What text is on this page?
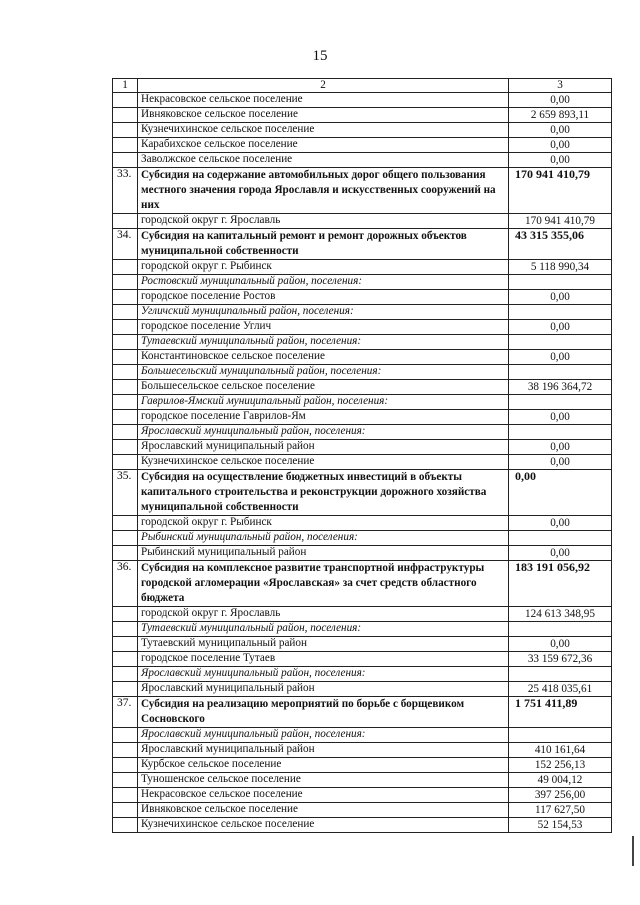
15
1	2	3
	Некрасовское сельское поселение	0,00
	Ивняковское сельское поселение	2 659 893,11
	Кузнечихинское сельское поселение	0,00
	Карабихское сельское поселение	0,00
	Заволжское сельское поселение	0,00
33.	Субсидия на содержание автомобильных дорог общего пользования местного значения города Ярославля и искусственных сооружений на них	170 941 410,79
	городской округ г. Ярославль	170 941 410,79
34.	Субсидия на капитальный ремонт и ремонт дорожных объектов муниципальной собственности	43 315 355,06
	городской округ г. Рыбинск	5 118 990,34
	Ростовский муниципальный район, поселения:	
	городское поселение Ростов	0,00
	Угличский муниципальный район, поселения:	
	городское поселение Углич	0,00
	Тутаевский муниципальный район, поселения:	
	Константиновское сельское поселение	0,00
	Большесельский муниципальный район, поселения:	
	Большесельское сельское поселение	38 196 364,72
	Гаврилов-Ямский муниципальный район, поселения:	
	городское поселение Гаврилов-Ям	0,00
	Ярославский муниципальный район, поселения:	
	Ярославский муниципальный район	0,00
	Кузнечихинское сельское поселение	0,00
35.	Субсидия на осуществление бюджетных инвестиций в объекты капитального строительства и реконструкции дорожного хозяйства муниципальной собственности	0,00
	городской округ г. Рыбинск	0,00
	Рыбинский муниципальный район, поселения:	
	Рыбинский муниципальный район	0,00
36.	Субсидия на комплексное развитие транспортной инфраструктуры городской агломерации «Ярославская» за счет средств областного бюджета	183 191 056,92
	городской округ г. Ярославль	124 613 348,95
	Тутаевский муниципальный район, поселения:	
	Тутаевский муниципальный район	0,00
	городское поселение Тутаев	33 159 672,36
	Ярославский муниципальный район, поселения:	
	Ярославский муниципальный район	25 418 035,61
37.	Субсидия на реализацию мероприятий по борьбе с борщевиком Сосновского	1 751 411,89
	Ярославский муниципальный район, поселения:	
	Ярославский муниципальный район	410 161,64
	Курбское сельское поселение	152 256,13
	Туношенское сельское поселение	49 004,12
	Некрасовское сельское поселение	397 256,00
	Ивняковское сельское поселение	117 627,50
	Кузнечихинское сельское поселение	52 154,53
